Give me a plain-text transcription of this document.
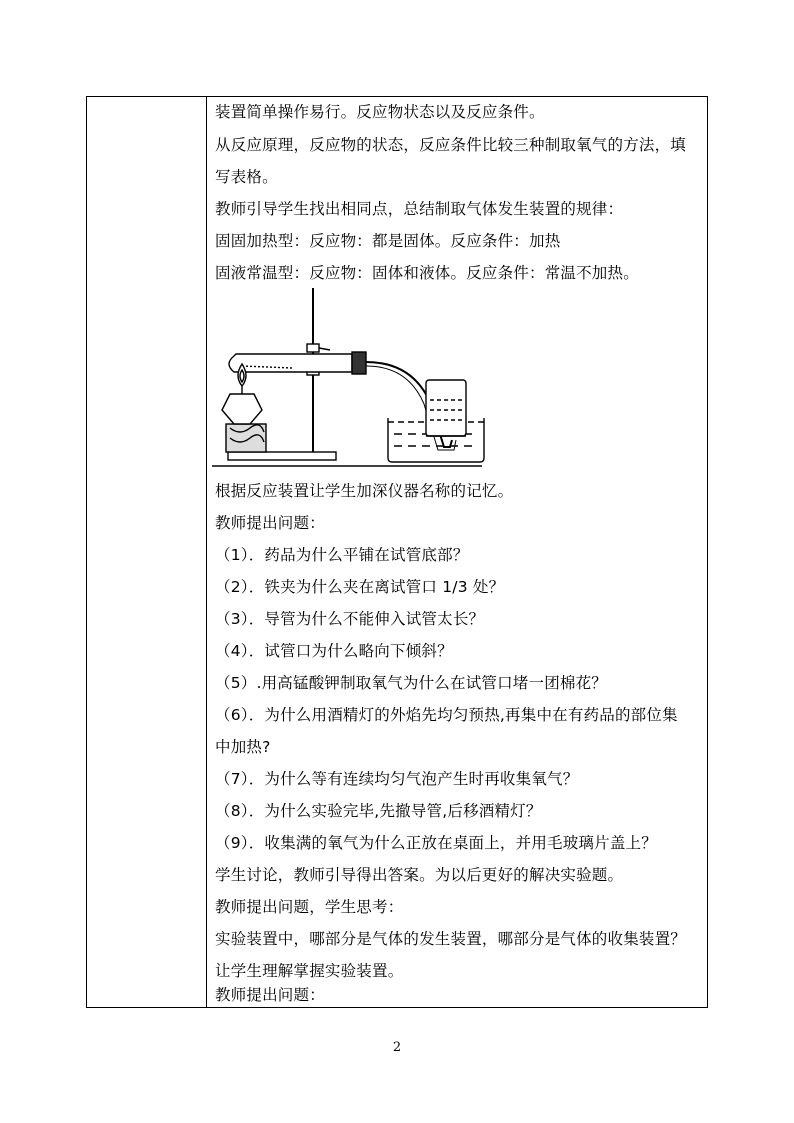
装置简单操作易行。反应物状态以及反应条件。
从反应原理，反应物的状态，反应条件比较三种制取氧气的方法，填
写表格。
教师引导学生找出相同点，总结制取气体发生装置的规律：
固固加热型：反应物：都是固体。反应条件：加热
固液常温型：反应物：固体和液体。反应条件：常温不加热。
根据反应装置让学生加深仪器名称的记忆。
教师提出问题：
（1）．药品为什么平铺在试管底部？
（2）．铁夹为什么夹在离试管口 1/3 处？
（3）．导管为什么不能伸入试管太长？
（4）．试管口为什么略向下倾斜？
（5）.用高锰酸钾制取氧气为什么在试管口堵一团棉花？
（6）．为什么用酒精灯的外焰先均匀预热,再集中在有药品的部位集
中加热?
（7）．为什么等有连续均匀气泡产生时再收集氧气？
（8）．为什么实验完毕,先撤导管,后移酒精灯？
（9）．收集满的氧气为什么正放在桌面上，并用毛玻璃片盖上？
学生讨论，教师引导得出答案。为以后更好的解决实验题。
教师提出问题，学生思考：
实验装置中，哪部分是气体的发生装置，哪部分是气体的收集装置？
让学生理解掌握实验装置。
教师提出问题：
2
